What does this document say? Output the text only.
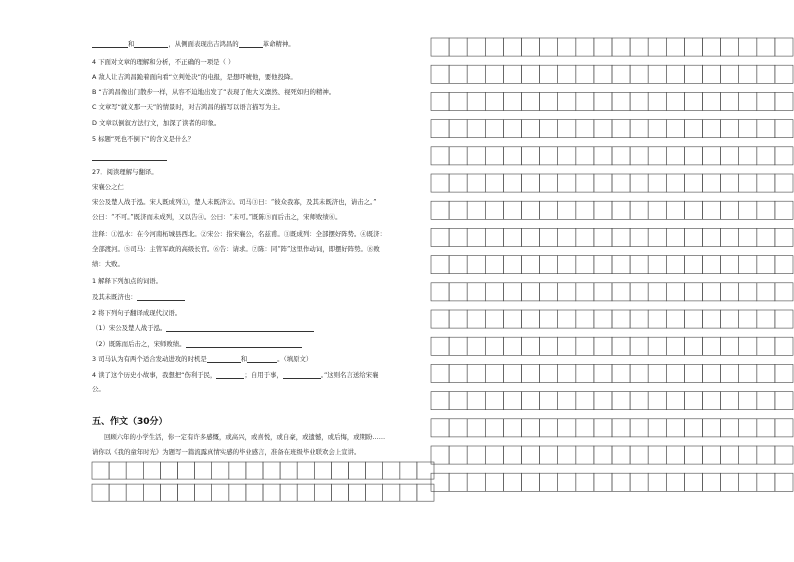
和	，从侧面表现出吉鸿昌的	革命精神。
4 下面对文章的理解和分析，不正确的一项是（ ）
A 敌人让吉鸿昌跪着面向看“立判处决”的电报，是想吓唬他，要他投降。
B “吉鸿昌像出门散步一样，从容不迫地出发了”表现了他大义凛然、视死如归的精神。
C 文章写“就义那一天”的情景时，对吉鸿昌的描写以语言描写为主。
D 文章以倒叙方法行文，加深了读者的印象。
5 标题“死也不倒下”的含义是什么？
27．阅读理解与翻译。
宋襄公之仁
宋公及楚人战于泓。宋人既成列①，楚人未既济②。司马③曰：“彼众我寡，及其未既济也，请击之。”
公曰：“不可。”既济而未成列，又以告④。公曰：“未可。”既陈⑤而后击之，宋师败绩⑥。
注释：①泓水：在今河南柘城县西北。②宋公：指宋襄公，名兹甫。③既成列：全部摆好阵势。④既济：
全部渡河。⑤司马：主管军政的高级长官。⑥告：请求。⑦陈：同“阵”这里作动词，即摆好阵势。⑧败
绩：大败。
1 解释下列加点的词语。
及其未既济也：
2 将下列句子翻译成现代汉语。
（1）宋公及楚人战于泓。
（2）既陈而后击之，宋师败绩。
3 司马认为有两个适合发动进攻的时机是	和	。（填原文）
4 读了这个历史小故事，我想把“伤利于民，	；自用于事，	。”这则名言送给宋襄
公。
五、作文（30分）
回顾六年的小学生活，你一定有许多感慨，或高兴，或喜悦，或自豪，或遗憾，或后悔，或期盼……
请你以《我的童年时光》为题写一篇流露真情实感的毕业感言，准备在班级毕业联欢会上宣讲。
